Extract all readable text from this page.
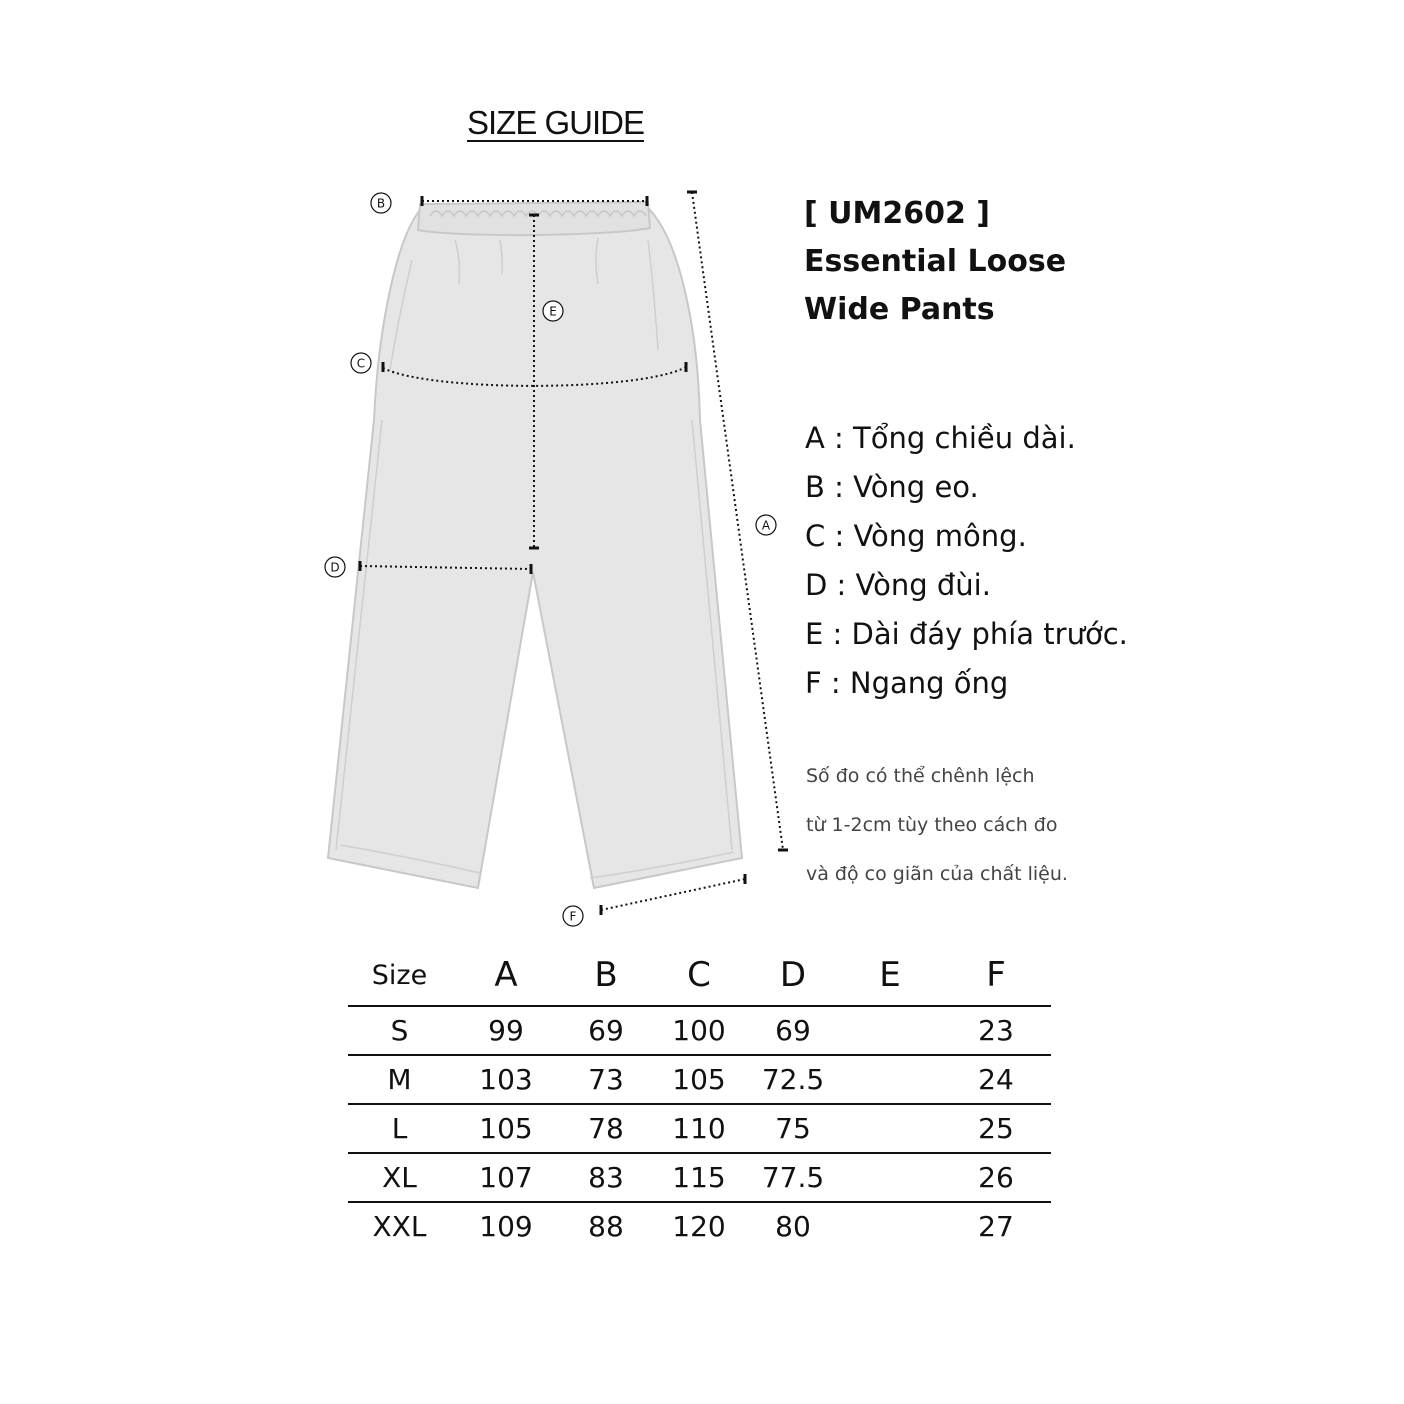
SIZE GUIDE
B
E
C
A
D
F
[ UM2602 ]
Essential Loose
Wide Pants
A : Tổng chiều dài.
B : Vòng eo.
C : Vòng mông.
D : Vòng đùi.
E : Dài đáy phía trước.
F : Ngang ống
Số đo có thể chênh lệch
từ 1-2cm tùy theo cách đo
và độ co giãn của chất liệu.
Size	A	B	C	D	E	F
S	99	69	100	69		23
M	103	73	105	72.5		24
L	105	78	110	75		25
XL	107	83	115	77.5		26
XXL	109	88	120	80		27
